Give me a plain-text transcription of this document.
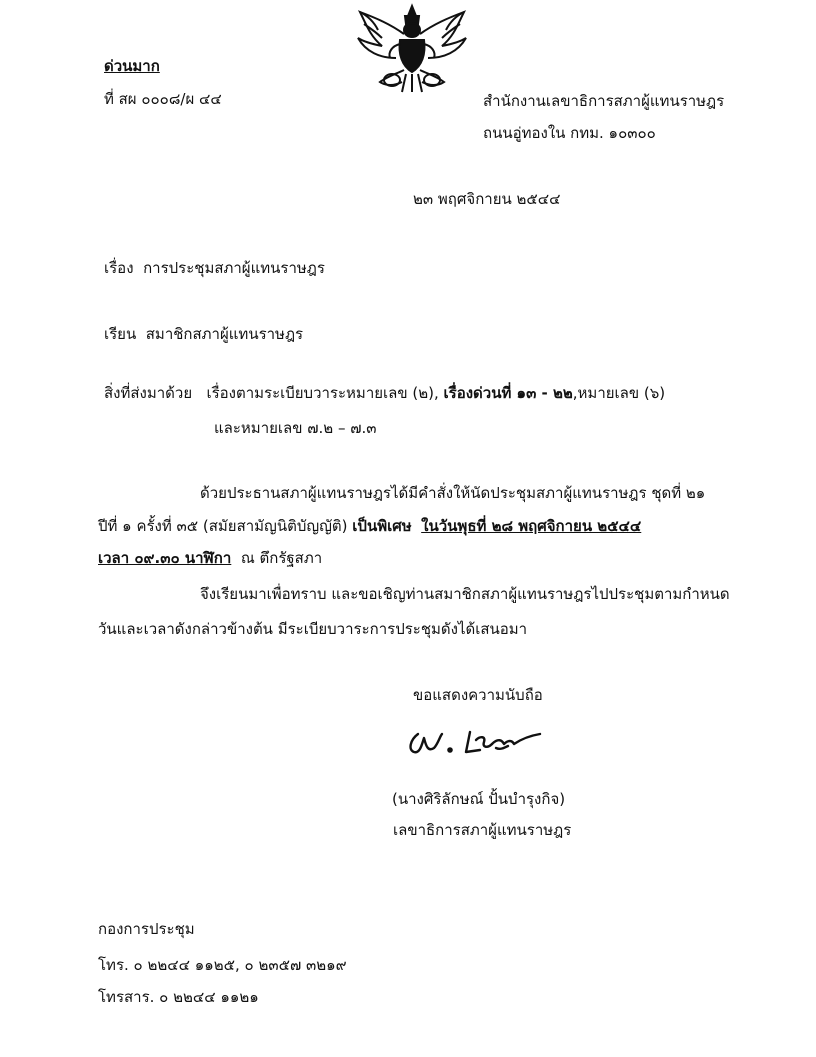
ด่วนมาก
ที่ สผ ๐๐๐๘/ผ ๔๔	สำนักงานเลขาธิการสภาผู้แทนราษฎร
ถนนอู่ทองใน กทม. ๑๐๓๐๐
๒๓ พฤศจิกายน ๒๕๔๔
เรื่อง การประชุมสภาผู้แทนราษฎร
เรียน สมาชิกสภาผู้แทนราษฎร
สิ่งที่ส่งมาด้วย เรื่องตามระเบียบวาระหมายเลข (๒), เรื่องด่วนที่ ๑๓ - ๒๒,หมายเลข (๖)
และหมายเลข ๗.๒ – ๗.๓
ด้วยประธานสภาผู้แทนราษฎรได้มีคำสั่งให้นัดประชุมสภาผู้แทนราษฎร ชุดที่ ๒๑
ปีที่ ๑ ครั้งที่ ๓๕ (สมัยสามัญนิติบัญญัติ) เป็นพิเศษ ในวันพุธที่ ๒๘ พฤศจิกายน ๒๕๔๔
เวลา ๐๙.๓๐ นาฬิกา ณ ตึกรัฐสภา
จึงเรียนมาเพื่อทราบ และขอเชิญท่านสมาชิกสภาผู้แทนราษฎรไปประชุมตามกำหนด
วันและเวลาดังกล่าวข้างต้น มีระเบียบวาระการประชุมดังได้เสนอมา
ขอแสดงความนับถือ
(นางศิริลักษณ์ ปั้นบำรุงกิจ)
เลขาธิการสภาผู้แทนราษฎร
กองการประชุม
โทร. ๐ ๒๒๔๔ ๑๑๒๕, ๐ ๒๓๕๗ ๓๒๑๙
โทรสาร. ๐ ๒๒๔๔ ๑๑๒๑
